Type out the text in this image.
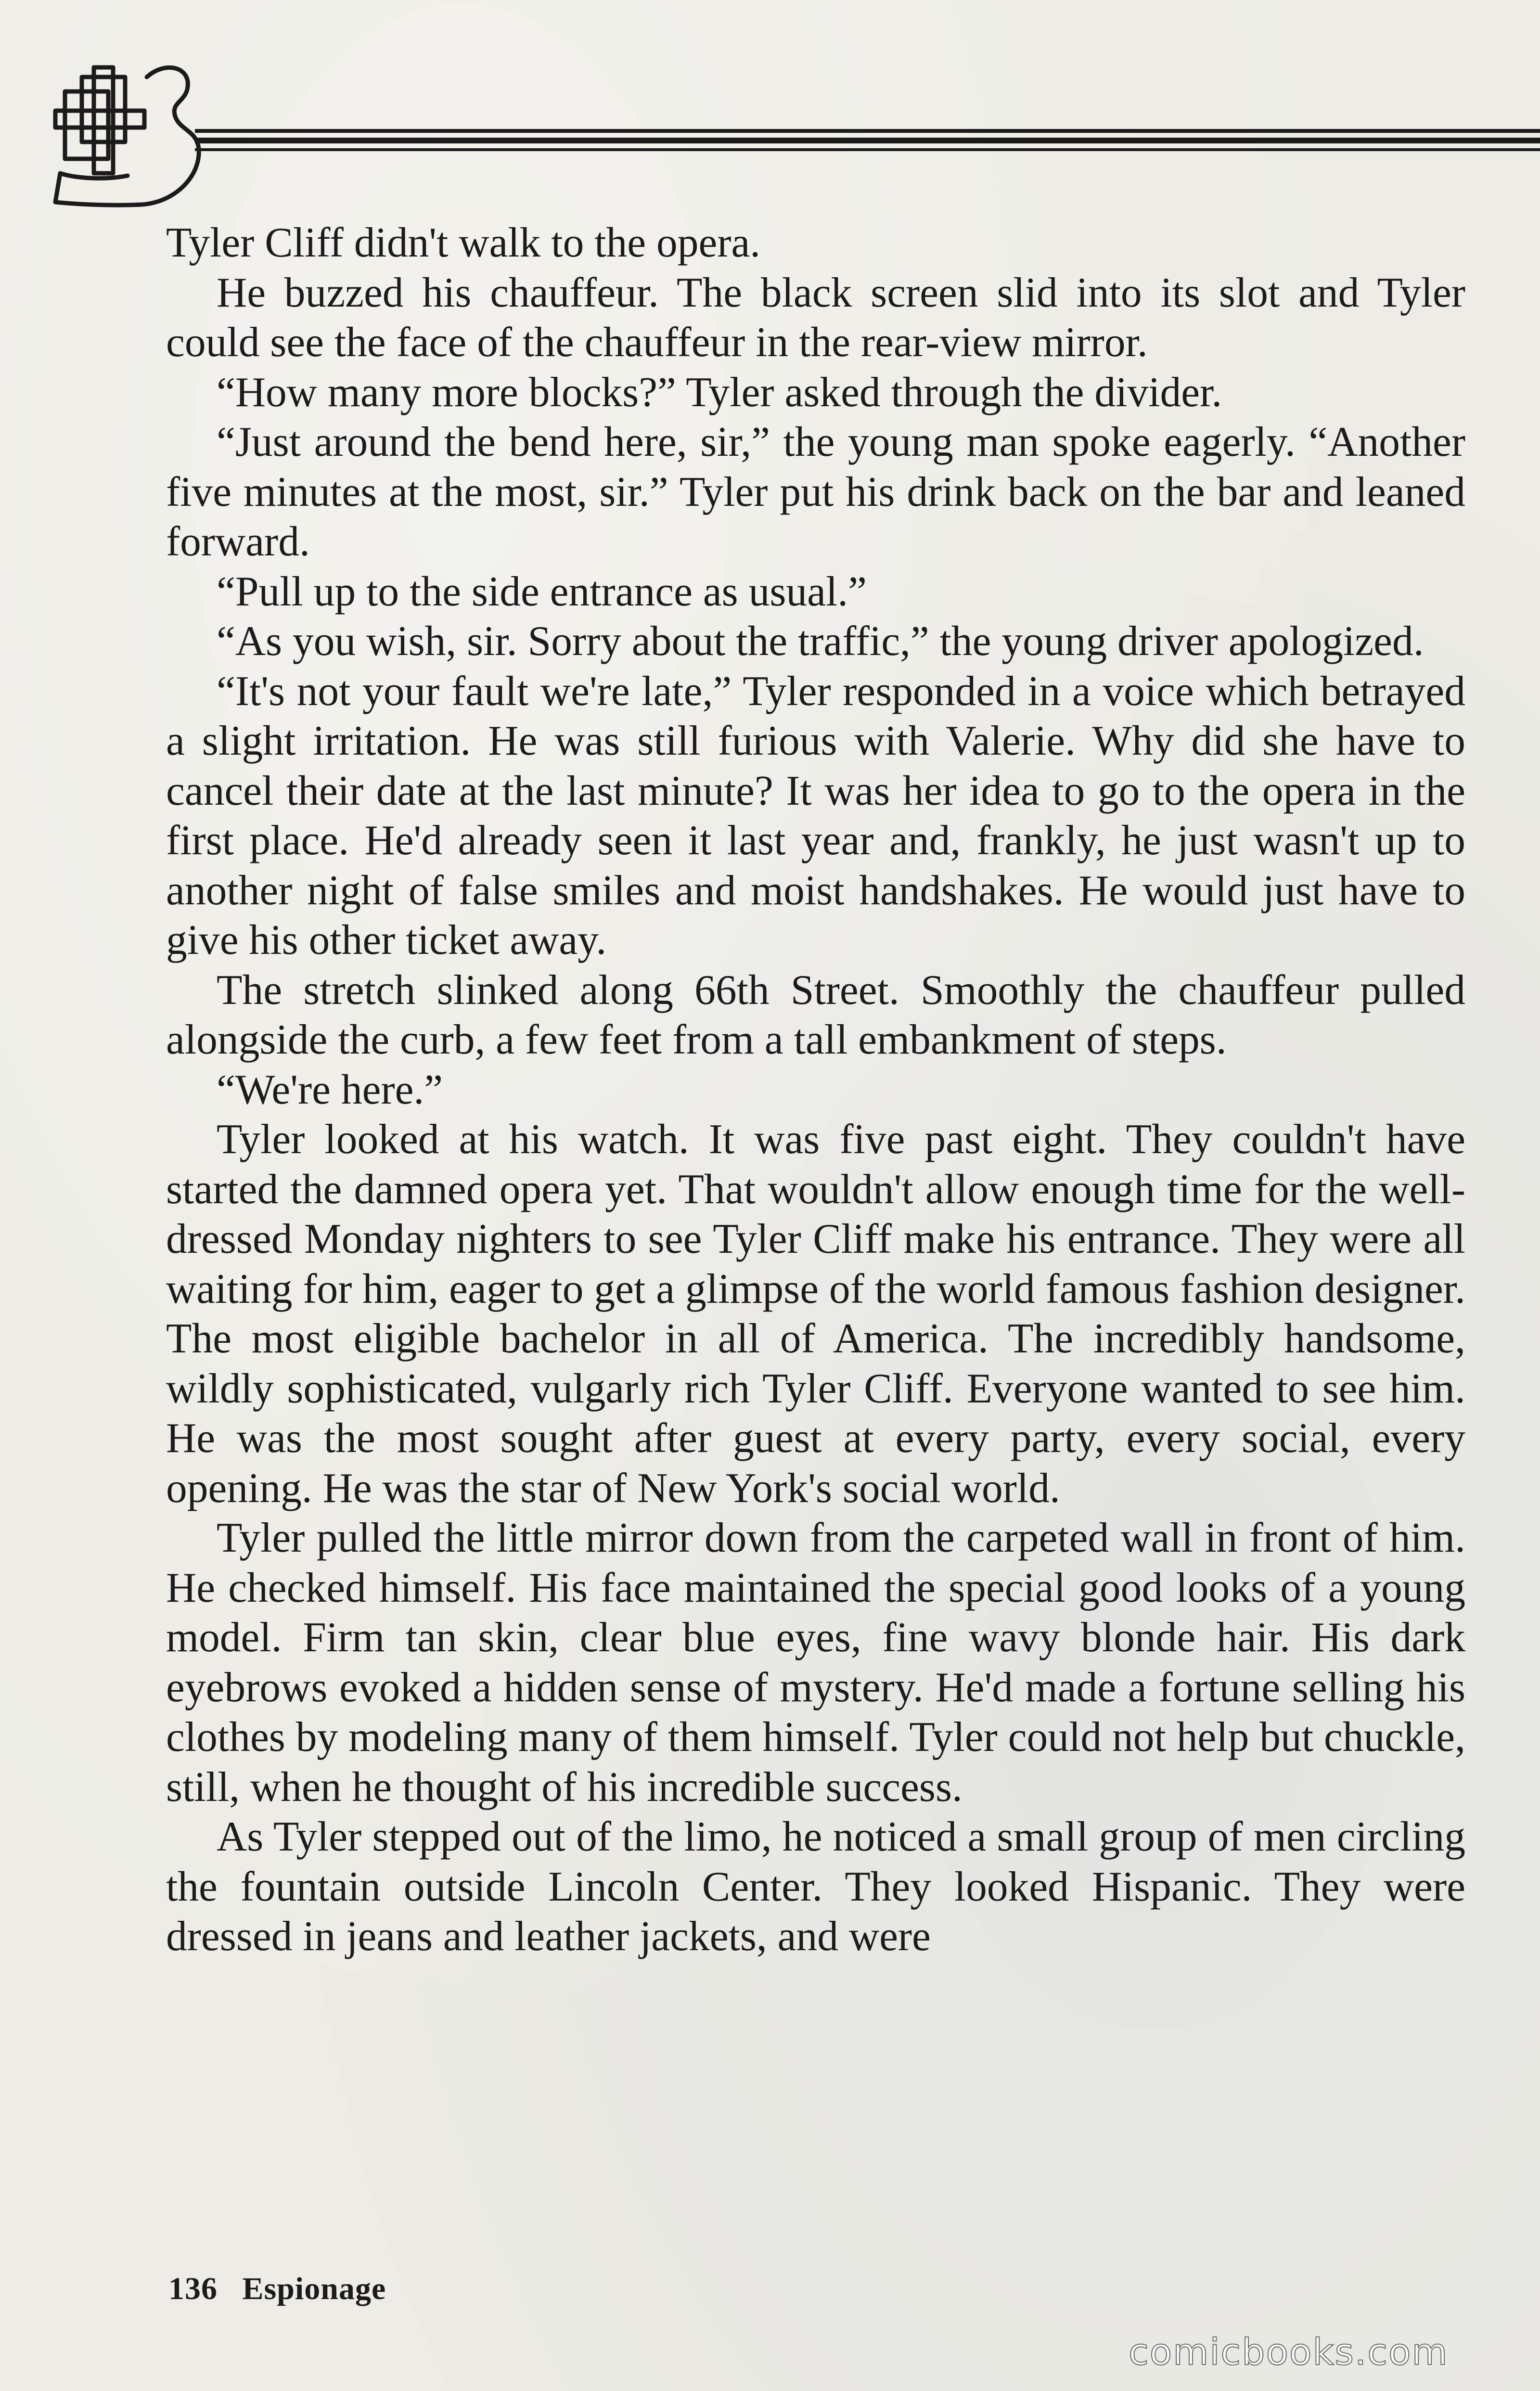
Tyler Cliff didn't walk to the opera.

He buzzed his chauffeur. The black screen slid into its slot and Tyler could see the face of the chauffeur in the rear-view mirror.

“How many more blocks?” Tyler asked through the divider.

“Just around the bend here, sir,” the young man spoke eagerly. “Another five minutes at the most, sir.” Tyler put his drink back on the bar and leaned forward.

“Pull up to the side entrance as usual.”

“As you wish, sir. Sorry about the traffic,” the young driver apologized.

“It's not your fault we're late,” Tyler responded in a voice which betrayed a slight irritation. He was still furious with Valerie. Why did she have to cancel their date at the last minute? It was her idea to go to the opera in the first place. He'd already seen it last year and, frankly, he just wasn't up to another night of false smiles and moist handshakes. He would just have to give his other ticket away.

The stretch slinked along 66th Street. Smoothly the chauffeur pulled alongside the curb, a few feet from a tall embankment of steps.

“We're here.”

Tyler looked at his watch. It was five past eight. They couldn't have started the damned opera yet. That wouldn't allow enough time for the well-dressed Monday nighters to see Tyler Cliff make his entrance. They were all waiting for him, eager to get a glimpse of the world famous fashion designer. The most eligible bachelor in all of America. The incredibly handsome, wildly sophisticated, vulgarly rich Tyler Cliff. Everyone wanted to see him. He was the most sought after guest at every party, every social, every opening. He was the star of New York's social world.

Tyler pulled the little mirror down from the carpeted wall in front of him. He checked himself. His face maintained the special good looks of a young model. Firm tan skin, clear blue eyes, fine wavy blonde hair. His dark eyebrows evoked a hidden sense of mystery. He'd made a fortune selling his clothes by modeling many of them himself. Tyler could not help but chuckle, still, when he thought of his incredible success.

As Tyler stepped out of the limo, he noticed a small group of men circling the fountain outside Lincoln Center. They looked Hispanic. They were dressed in jeans and leather jackets, and were

136 Espionage
comicbooks.com
